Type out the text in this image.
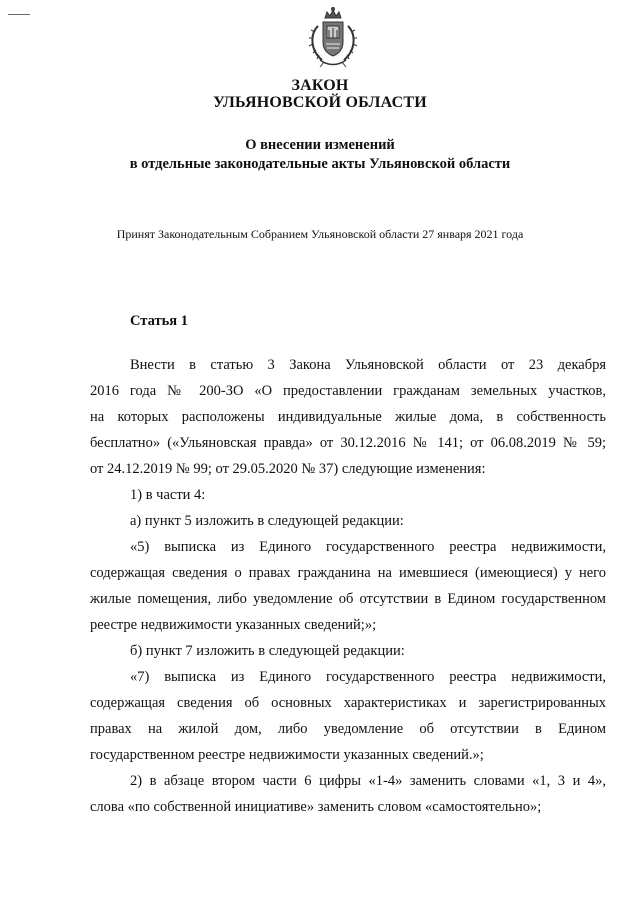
ЗАКОН
УЛЬЯНОВСКОЙ ОБЛАСТИ
О внесении изменений
в отдельные законодательные акты Ульяновской области
Принят Законодательным Собранием Ульяновской области 27 января 2021 года
Статья 1

Внести в статью 3 Закона Ульяновской области от 23 декабря

2016 года № 200-ЗО «О предоставлении гражданам земельных участков,

на которых расположены индивидуальные жилые дома, в собственность

бесплатно» («Ульяновская правда» от 30.12.2016 № 141; от 06.08.2019 № 59;

от 24.12.2019 № 99; от 29.05.2020 № 37) следующие изменения:

1) в части 4:

а) пункт 5 изложить в следующей редакции:

«5) выписка из Единого государственного реестра недвижимости,

содержащая сведения о правах гражданина на имевшиеся (имеющиеся) у него

жилые помещения, либо уведомление об отсутствии в Едином государственном

реестре недвижимости указанных сведений;»;

б) пункт 7 изложить в следующей редакции:

«7) выписка из Единого государственного реестра недвижимости,

содержащая сведения об основных характеристиках и зарегистрированных

правах на жилой дом, либо уведомление об отсутствии в Едином

государственном реестре недвижимости указанных сведений.»;

2) в абзаце втором части 6 цифры «1-4» заменить словами «1, 3 и 4»,

слова «по собственной инициативе» заменить словом «самостоятельно»;
